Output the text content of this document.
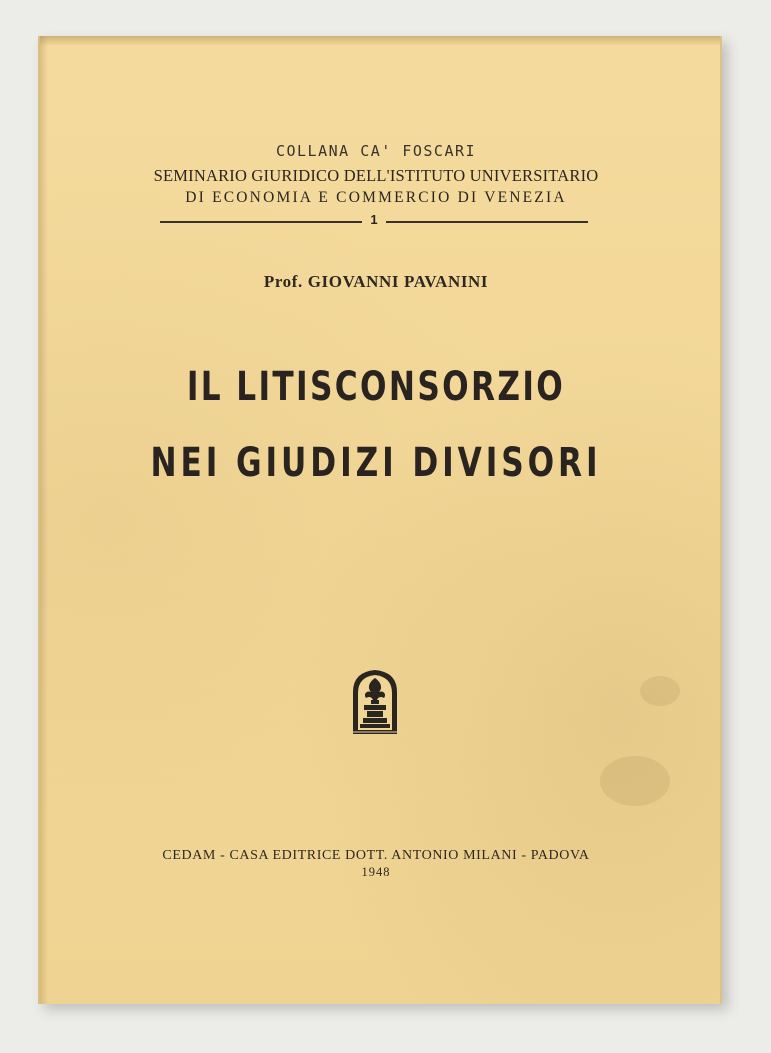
COLLANA CA' FOSCARI
SEMINARIO GIURIDICO DELL'ISTITUTO UNIVERSITARIO
DI ECONOMIA E COMMERCIO DI VENEZIA
1
Prof. GIOVANNI PAVANINI
IL LITISCONSORZIO
NEI GIUDIZI DIVISORI
CEDAM - CASA EDITRICE DOTT. ANTONIO MILANI - PADOVA
1948
